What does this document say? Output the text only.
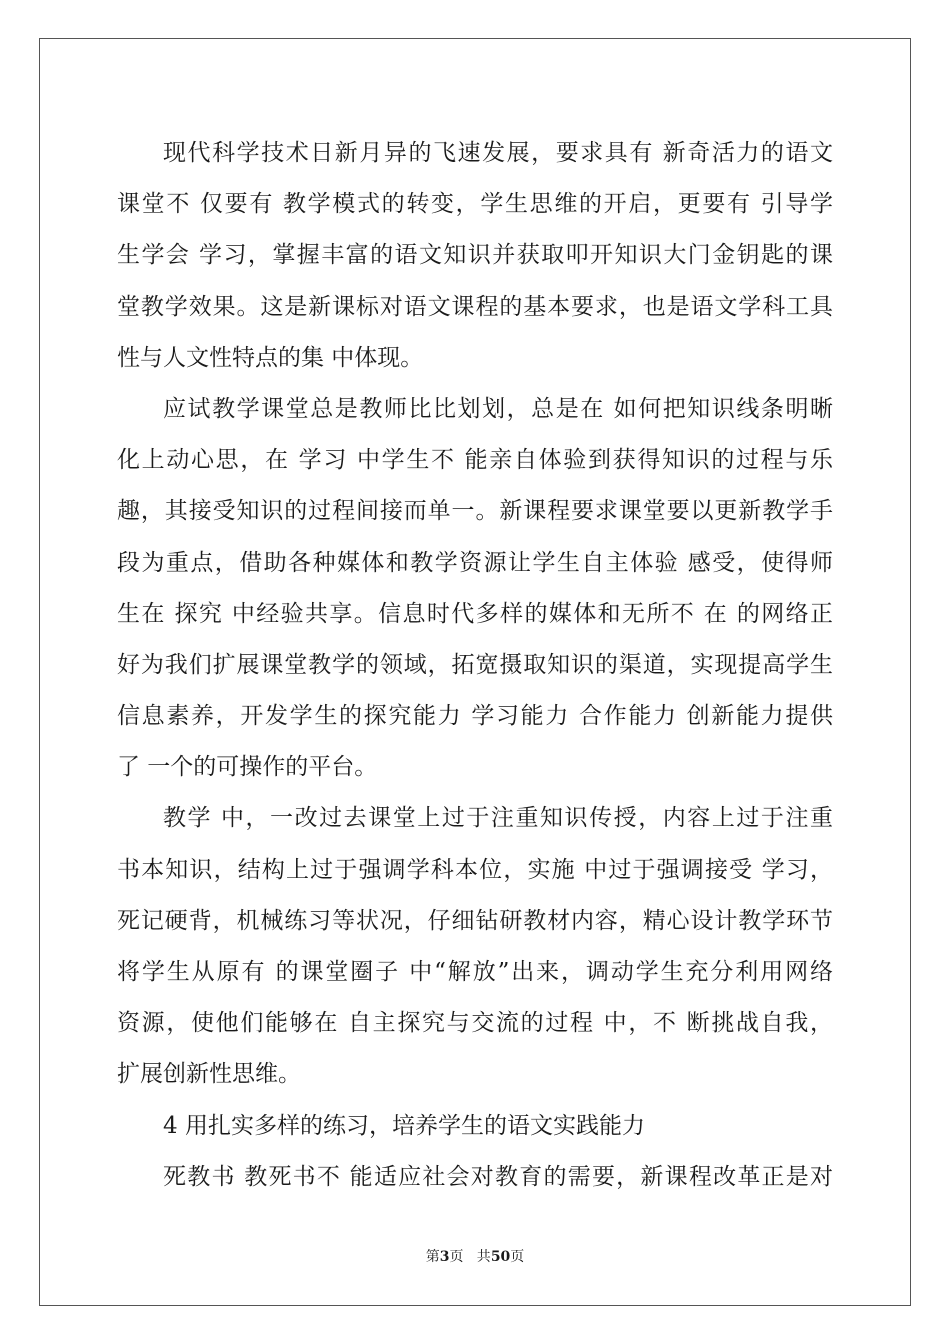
现代科学技术日新月异的飞速发展，要求具有 新奇活力的语文
课堂不 仅要有 教学模式的转变，学生思维的开启，更要有 引导学
生学会 学习，掌握丰富的语文知识并获取叩开知识大门金钥匙的课
堂教学效果。这是新课标对语文课程的基本要求，也是语文学科工具
性与人文性特点的集 中体现。
应试教学课堂总是教师比比划划，总是在 如何把知识线条明晰
化上动心思，在 学习 中学生不 能亲自体验到获得知识的过程与乐
趣，其接受知识的过程间接而单一。新课程要求课堂要以更新教学手
段为重点，借助各种媒体和教学资源让学生自主体验 感受，使得师
生在 探究 中经验共享。信息时代多样的媒体和无所不 在 的网络正
好为我们扩展课堂教学的领域，拓宽摄取知识的渠道，实现提高学生
信息素养，开发学生的探究能力 学习能力 合作能力 创新能力提供
了 一个的可操作的平台。
教学 中，一改过去课堂上过于注重知识传授，内容上过于注重
书本知识，结构上过于强调学科本位，实施 中过于强调接受 学习，
死记硬背，机械练习等状况，仔细钻研教材内容，精心设计教学环节
将学生从原有 的课堂圈子 中“解放”出来，调动学生充分利用网络
资源，使他们能够在 自主探究与交流的过程 中，不 断挑战自我，
扩展创新性思维。
4 用扎实多样的练习，培养学生的语文实践能力
死教书 教死书不 能适应社会对教育的需要，新课程改革正是对
第3页   共50页
